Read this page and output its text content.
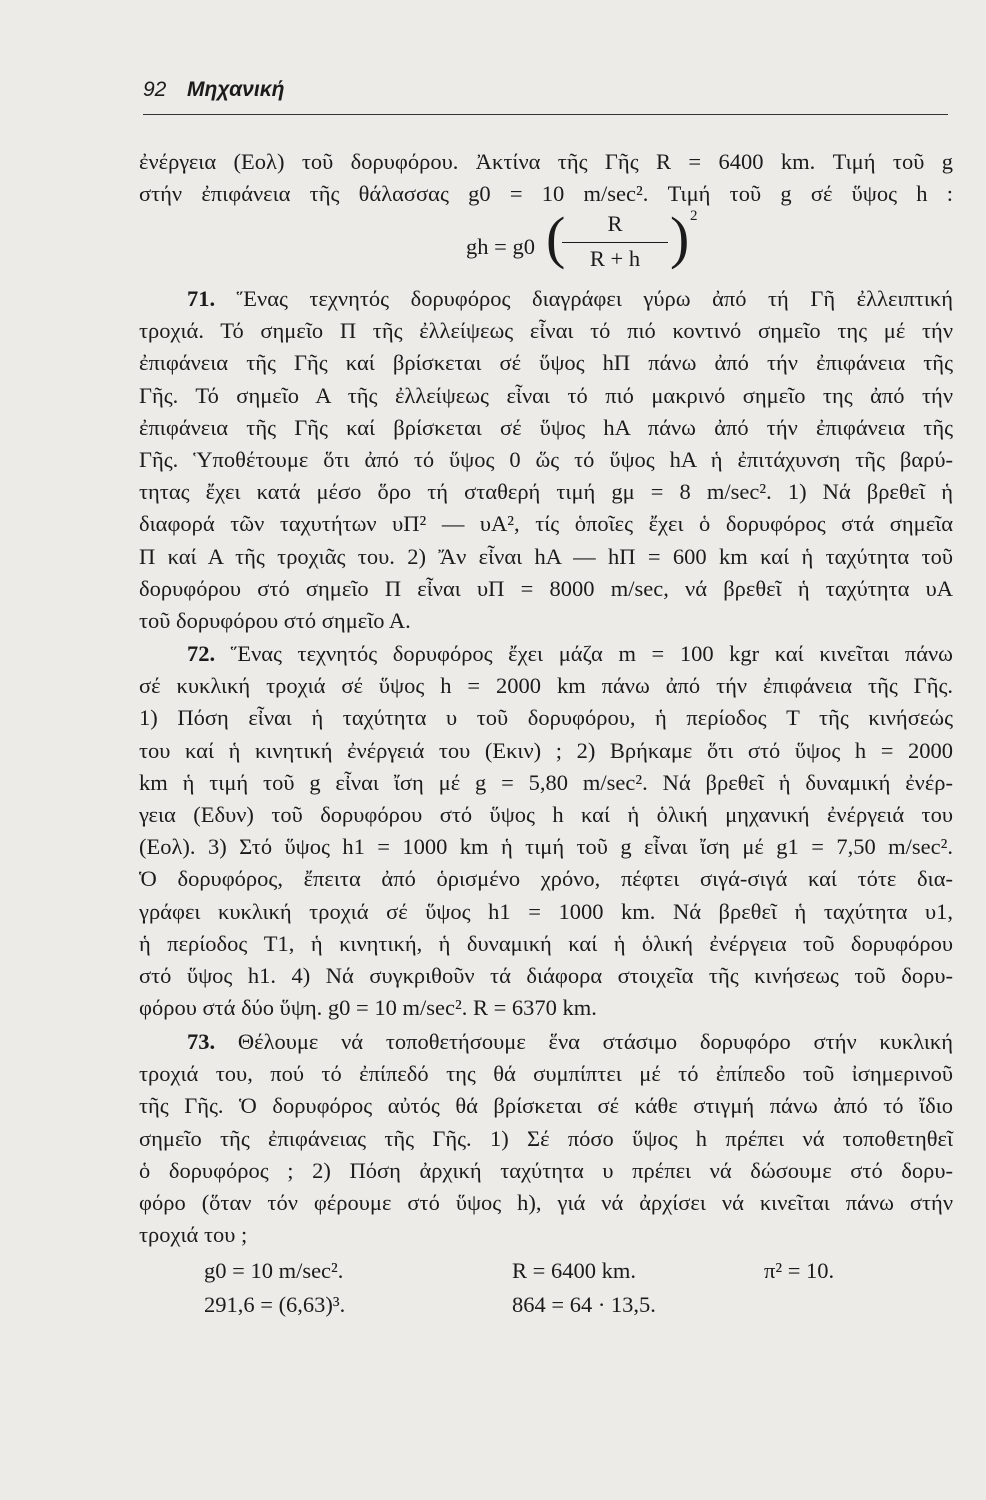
92 Μηχανική
ἐνέργεια (Eολ) τοῦ δορυφόρου. Ἀκτίνα τῆς Γῆς R = 6400 km. Τιμή τοῦ g
στήν ἐπιφάνεια τῆς θάλασσας g0 = 10 m/sec². Τιμή τοῦ g σέ ὕψος h :
gh = g0 (	R
R + h ) 2
71. Ἕνας τεχνητός δορυφόρος διαγράφει γύρω ἀπό τή Γῆ ἐλλειπτική
τροχιά. Τό σημεῖο Π τῆς ἐλλείψεως εἶναι τό πιό κοντινό σημεῖο της μέ τήν
ἐπιφάνεια τῆς Γῆς καί βρίσκεται σέ ὕψος hΠ πάνω ἀπό τήν ἐπιφάνεια τῆς
Γῆς. Τό σημεῖο Α τῆς ἐλλείψεως εἶναι τό πιό μακρινό σημεῖο της ἀπό τήν
ἐπιφάνεια τῆς Γῆς καί βρίσκεται σέ ὕψος hA πάνω ἀπό τήν ἐπιφάνεια τῆς
Γῆς. Ὑποθέτουμε ὅτι ἀπό τό ὕψος 0 ὥς τό ὕψος hA ἡ ἐπιτάχυνση τῆς βαρύ-
τητας ἔχει κατά μέσο ὅρο τή σταθερή τιμή gμ = 8 m/sec². 1) Νά βρεθεῖ ἡ
διαφορά τῶν ταχυτήτων υΠ² — υA², τίς ὁποῖες ἔχει ὁ δορυφόρος στά σημεῖα
Π καί Α τῆς τροχιᾶς του. 2) Ἄν εἶναι hA — hΠ = 600 km καί ἡ ταχύτητα τοῦ
δορυφόρου στό σημεῖο Π εἶναι υΠ = 8000 m/sec, νά βρεθεῖ ἡ ταχύτητα υA
τοῦ δορυφόρου στό σημεῖο Α.
72. Ἕνας τεχνητός δορυφόρος ἔχει μάζα m = 100 kgr καί κινεῖται πάνω
σέ κυκλική τροχιά σέ ὕψος h = 2000 km πάνω ἀπό τήν ἐπιφάνεια τῆς Γῆς.
1) Πόση εἶναι ἡ ταχύτητα υ τοῦ δορυφόρου, ἡ περίοδος T τῆς κινήσεώς
του καί ἡ κινητική ἐνέργειά του (Eκιν) ; 2) Βρήκαμε ὅτι στό ὕψος h = 2000
km ἡ τιμή τοῦ g εἶναι ἴση μέ g = 5,80 m/sec². Νά βρεθεῖ ἡ δυναμική ἐνέρ-
γεια (Eδυν) τοῦ δορυφόρου στό ὕψος h καί ἡ ὁλική μηχανική ἐνέργειά του
(Eολ). 3) Στό ὕψος h1 = 1000 km ἡ τιμή τοῦ g εἶναι ἴση μέ g1 = 7,50 m/sec².
Ὁ δορυφόρος, ἔπειτα ἀπό ὁρισμένο χρόνο, πέφτει σιγά-σιγά καί τότε δια-
γράφει κυκλική τροχιά σέ ὕψος h1 = 1000 km. Νά βρεθεῖ ἡ ταχύτητα υ1,
ἡ περίοδος T1, ἡ κινητική, ἡ δυναμική καί ἡ ὁλική ἐνέργεια τοῦ δορυφόρου
στό ὕψος h1. 4) Νά συγκριθοῦν τά διάφορα στοιχεῖα τῆς κινήσεως τοῦ δορυ-
φόρου στά δύο ὕψη. g0 = 10 m/sec². R = 6370 km.
73. Θέλουμε νά τοποθετήσουμε ἕνα στάσιμο δορυφόρο στήν κυκλική
τροχιά του, πού τό ἐπίπεδό της θά συμπίπτει μέ τό ἐπίπεδο τοῦ ἰσημερινοῦ
τῆς Γῆς. Ὁ δορυφόρος αὐτός θά βρίσκεται σέ κάθε στιγμή πάνω ἀπό τό ἴδιο
σημεῖο τῆς ἐπιφάνειας τῆς Γῆς. 1) Σέ πόσο ὕψος h πρέπει νά τοποθετηθεῖ
ὁ δορυφόρος ; 2) Πόση ἀρχική ταχύτητα υ πρέπει νά δώσουμε στό δορυ-
φόρο (ὅταν τόν φέρουμε στό ὕψος h), γιά νά ἀρχίσει νά κινεῖται πάνω στήν
τροχιά του ;
g0 = 10 m/sec².	R = 6400 km.	π² = 10.
291,6 = (6,63)³.	864 = 64 · 13,5.
